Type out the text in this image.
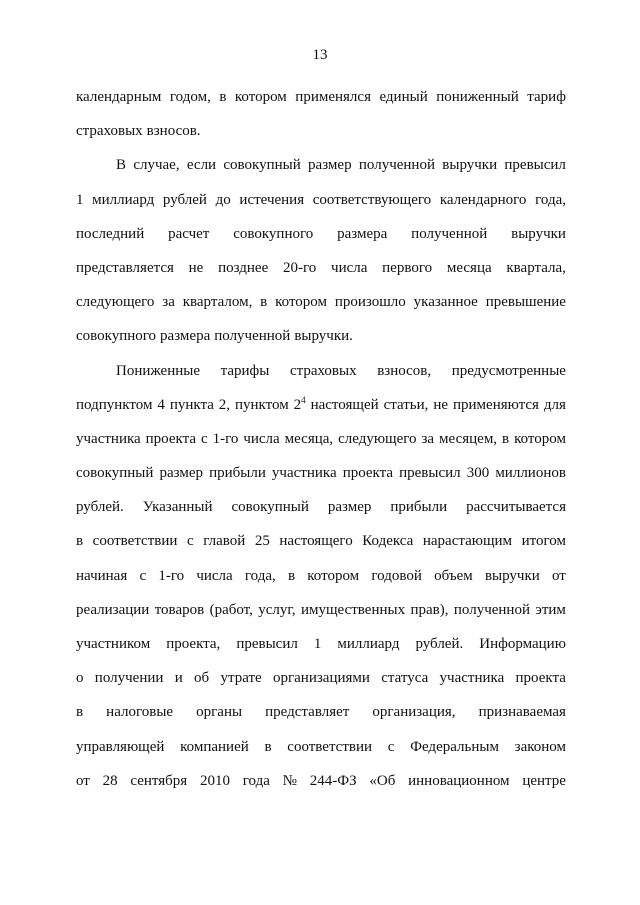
13
календарным годом, в котором применялся единый пониженный тариф
страховых взносов.
В случае, если совокупный размер полученной выручки превысил
1 миллиард рублей до истечения соответствующего календарного года,
последний расчет совокупного размера полученной выручки
представляется не позднее 20-го числа первого месяца квартала,
следующего за кварталом, в котором произошло указанное превышение
совокупного размера полученной выручки.
Пониженные тарифы страховых взносов, предусмотренные
подпунктом 4 пункта 2, пунктом $2^4$ настоящей статьи, не применяются для
участника проекта с 1-го числа месяца, следующего за месяцем, в котором
совокупный размер прибыли участника проекта превысил 300 миллионов
рублей. Указанный совокупный размер прибыли рассчитывается
в соответствии с главой 25 настоящего Кодекса нарастающим итогом
начиная с 1-го числа года, в котором годовой объем выручки от
реализации товаров (работ, услуг, имущественных прав), полученной этим
участником проекта, превысил 1 миллиард рублей. Информацию
о получении и об утрате организациями статуса участника проекта
в налоговые органы представляет организация, признаваемая
управляющей компанией в соответствии с Федеральным законом
от 28 сентября 2010 года № 244-ФЗ «Об инновационном центре
